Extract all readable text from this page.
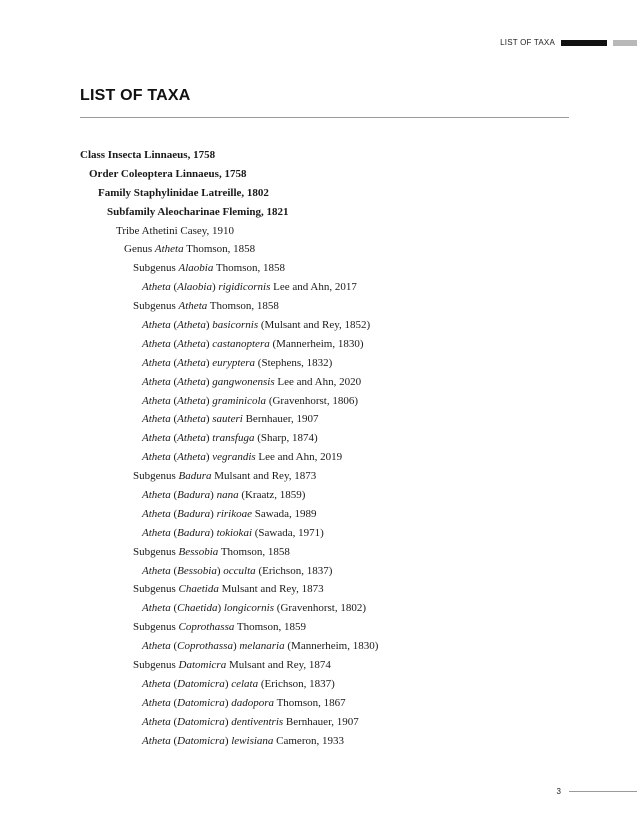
LIST OF TAXA
LIST OF TAXA
Class Insecta Linnaeus, 1758
Order Coleoptera Linnaeus, 1758
Family Staphylinidae Latreille, 1802
Subfamily Aleocharinae Fleming, 1821
Tribe Athetini Casey, 1910
Genus Atheta Thomson, 1858
Subgenus Alaobia Thomson, 1858
Atheta (Alaobia) rigidicornis Lee and Ahn, 2017
Subgenus Atheta Thomson, 1858
Atheta (Atheta) basicornis (Mulsant and Rey, 1852)
Atheta (Atheta) castanoptera (Mannerheim, 1830)
Atheta (Atheta) euryptera (Stephens, 1832)
Atheta (Atheta) gangwonensis Lee and Ahn, 2020
Atheta (Atheta) graminicola (Gravenhorst, 1806)
Atheta (Atheta) sauteri Bernhauer, 1907
Atheta (Atheta) transfuga (Sharp, 1874)
Atheta (Atheta) vegrandis Lee and Ahn, 2019
Subgenus Badura Mulsant and Rey, 1873
Atheta (Badura) nana (Kraatz, 1859)
Atheta (Badura) ririkoae Sawada, 1989
Atheta (Badura) tokiokai (Sawada, 1971)
Subgenus Bessobia Thomson, 1858
Atheta (Bessobia) occulta (Erichson, 1837)
Subgenus Chaetida Mulsant and Rey, 1873
Atheta (Chaetida) longicornis (Gravenhorst, 1802)
Subgenus Coprothassa Thomson, 1859
Atheta (Coprothassa) melanaria (Mannerheim, 1830)
Subgenus Datomicra Mulsant and Rey, 1874
Atheta (Datomicra) celata (Erichson, 1837)
Atheta (Datomicra) dadopora Thomson, 1867
Atheta (Datomicra) dentiventris Bernhauer, 1907
Atheta (Datomicra) lewisiana Cameron, 1933
3
